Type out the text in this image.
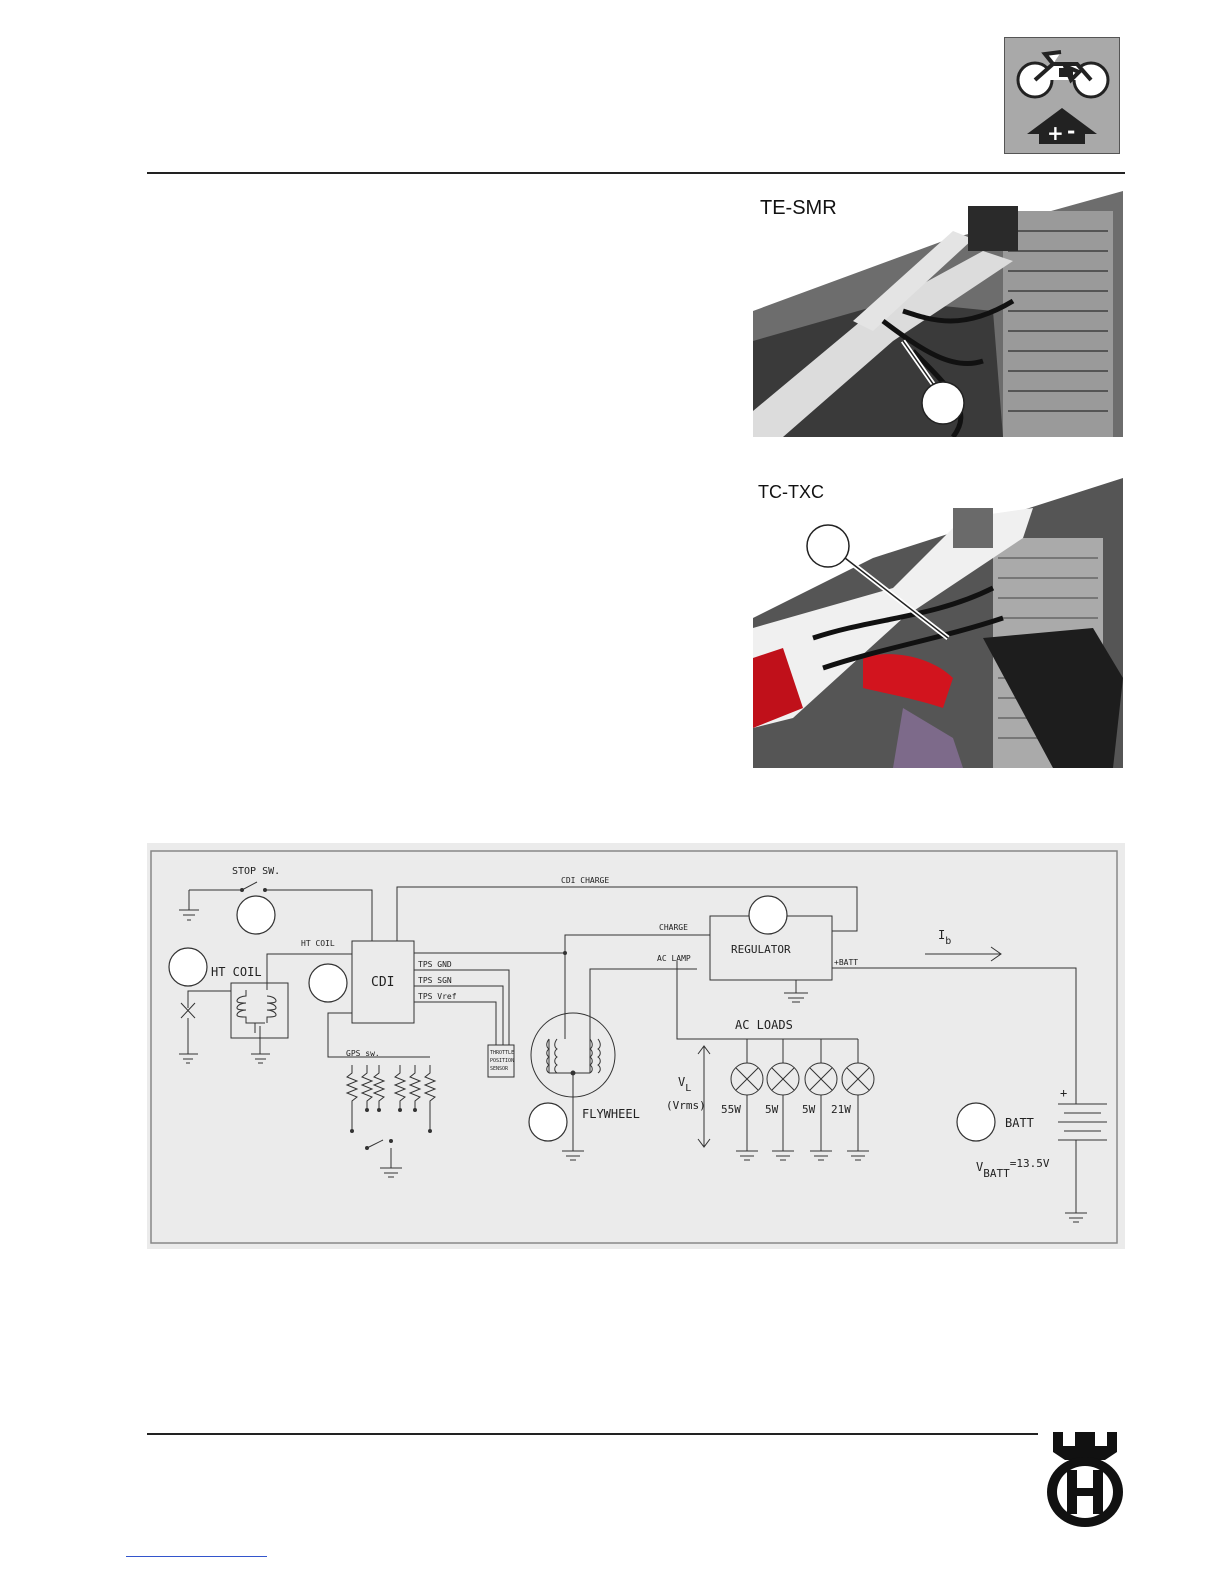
+ -
TE-SMR
TC-TXC
STOP SW.
CDI CHARGE
HT COIL
HT COIL
CDI
TPS GND
TPS SGN
TPS Vref
THROTTLE
POSITION
SENSOR
GPS sw.
CHARGE
AC LAMP
FLYWHEEL
REGULATOR
+BATT
$I_b$
AC LOADS
55W 5W 5W 21W
$V_L$
(Vrms)
+
BATT
VBATT=13.5V
